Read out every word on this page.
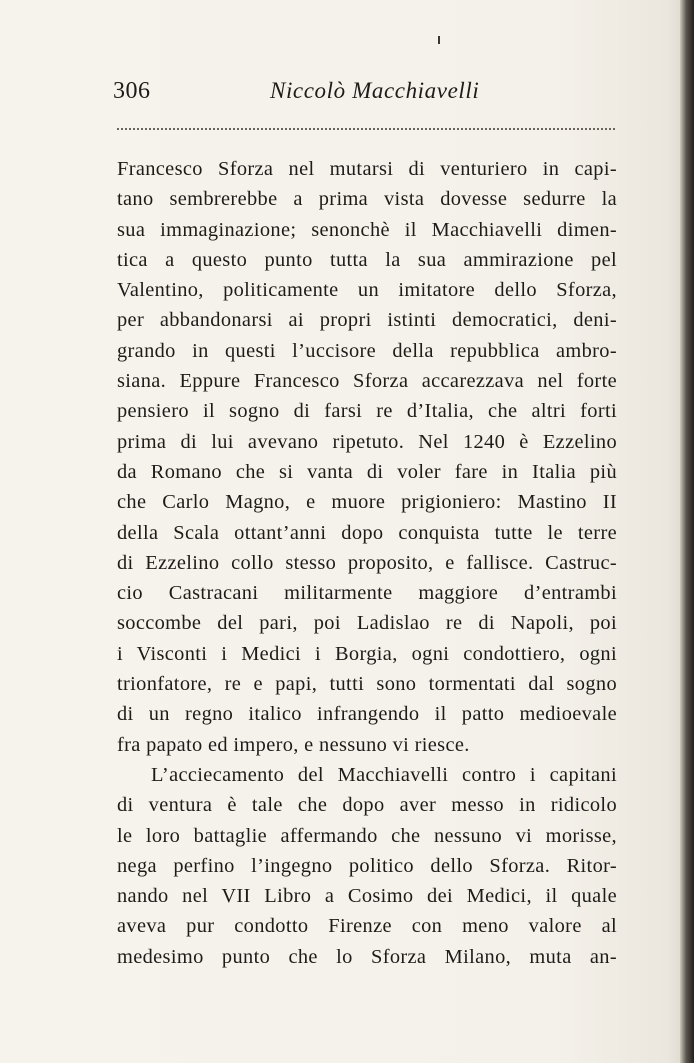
306	Niccolò Macchiavelli
Francesco Sforza nel mutarsi di venturiero in capi-
tano sembrerebbe a prima vista dovesse sedurre la
sua immaginazione; senonchè il Macchiavelli dimen-
tica a questo punto tutta la sua ammirazione pel
Valentino, politicamente un imitatore dello Sforza,
per abbandonarsi ai propri istinti democratici, deni-
grando in questi l’uccisore della repubblica ambro-
siana. Eppure Francesco Sforza accarezzava nel forte
pensiero il sogno di farsi re d’Italia, che altri forti
prima di lui avevano ripetuto. Nel 1240 è Ezzelino
da Romano che si vanta di voler fare in Italia più
che Carlo Magno, e muore prigioniero: Mastino II
della Scala ottant’anni dopo conquista tutte le terre
di Ezzelino collo stesso proposito, e fallisce. Castruc-
cio Castracani militarmente maggiore d’entrambi
soccombe del pari, poi Ladislao re di Napoli, poi
i Visconti i Medici i Borgia, ogni condottiero, ogni
trionfatore, re e papi, tutti sono tormentati dal sogno
di un regno italico infrangendo il patto medioevale
fra papato ed impero, e nessuno vi riesce.
L’acciecamento del Macchiavelli contro i capitani
di ventura è tale che dopo aver messo in ridicolo
le loro battaglie affermando che nessuno vi morisse,
nega perfino l’ingegno politico dello Sforza. Ritor-
nando nel VII Libro a Cosimo dei Medici, il quale
aveva pur condotto Firenze con meno valore al
medesimo punto che lo Sforza Milano, muta an-
